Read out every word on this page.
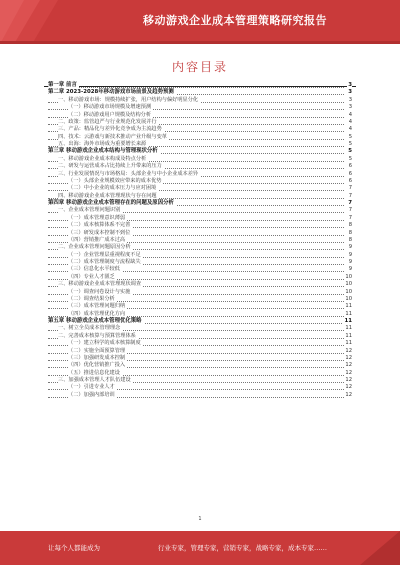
移动游戏企业成本管理策略研究报告
内容目录
第一章 前言	3
第二章 2023-2028年移动游戏市场前景及趋势预测	3
一、移动游戏市场：规模持续扩张，用户结构与偏好明显分化	3
（一）移动游戏市场规模及增速预测	3
（二）移动游戏用户规模及结构分析	4
二、政策：监管趋严与行业规范化发展并行	4
三、产品：精品化与差异化竞争成为主流趋势	4
四、技术：云游戏与新技术推动产业升级与变革	5
五、出海：海外市场成为重要增长来源	5
第三章 移动游戏企业成本结构与管理现状分析	5
一、移动游戏企业成本构成及特点分析	5
二、研发与运营成本占比持续上升带来的压力	6
三、行业发展情况与市场格局：头部企业与中小企业成本差异	6
（一）头部企业规模效应带来的成本优势	6
（二）中小企业的成本压力与应对困境	7
四、移动游戏企业成本管理现状与存在问题	7
第四章 移动游戏企业成本管理存在的问题及原因分析	7
一、企业成本管理问题识别	7
（一）成本管理意识薄弱	7
（二）成本核算体系不完善	8
（三）研发成本控制不到位	8
（四）营销推广成本过高	8
二、企业成本管理问题原因分析	9
（一）企业管理层重视程度不足	9
（二）成本管理制度与流程缺失	9
（三）信息化水平较低	9
（四）专业人才匮乏	10
三、移动游戏企业成本管理现状调查	10
（一）调查问卷设计与实施	10
（二）调查结果分析	10
（三）成本管理问题归纳	11
（四）成本管理优化方向	11
第五章 移动游戏企业成本管理优化策略	11
一、树立全员成本管理理念	11
二、完善成本核算与预算管理体系	11
（一）建立科学的成本核算制度	11
（二）实施全面预算管理	12
（三）加强研发成本控制	12
（四）优化营销推广投入	12
（五）推进信息化建设	12
三、加强成本管理人才队伍建设	12
（一）引进专业人才	12
（二）加强内部培训	12
1
让每个人都能成为	行业专家，管理专家，营销专家，战略专家，成本专家……
